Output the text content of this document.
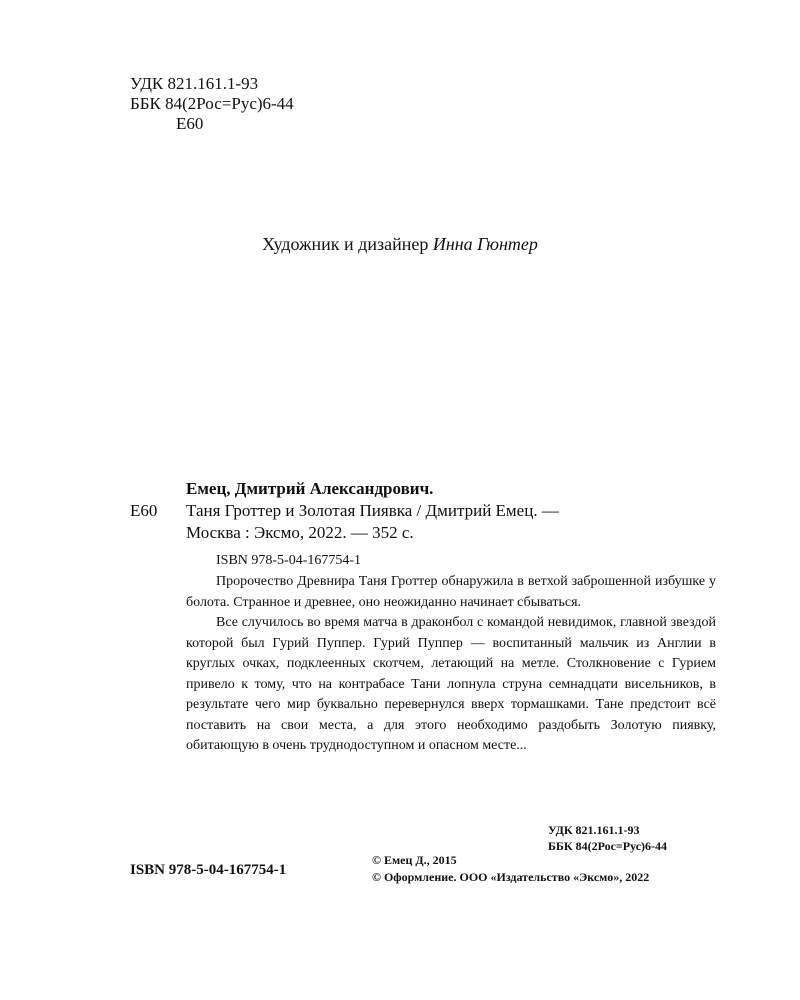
УДК 821.161.1-93
ББК 84(2Рос=Рус)6-44
Е60
Художник и дизайнер Инна Гюнтер
Емец, Дмитрий Александрович.
Е60	Таня Гроттер и Золотая Пиявка / Дмитрий Емец. —
Москва : Эксмо, 2022. — 352 с.
ISBN 978-5-04-167754-1

Пророчество Древнира Таня Гроттер обнаружила в ветхой заброшенной избушке у болота. Странное и древнее, оно неожиданно начинает сбываться.

Все случилось во время матча в драконбол с командой невидимок, главной звездой которой был Гурий Пуппер. Гурий Пуппер — воспитанный мальчик из Англии в круглых очках, подклеенных скотчем, летающий на метле. Столкновение с Гурием привело к тому, что на контрабасе Тани лопнула струна семнадцати висельников, в результате чего мир буквально перевернулся вверх тормашками. Тане предстоит всё поставить на свои места, а для этого необходимо раздобыть Золотую пиявку, обитающую в очень труднодоступном и опасном месте...

УДК 821.161.1-93
ББК 84(2Рос=Рус)6-44
ISBN 978-5-04-167754-1
© Емец Д., 2015
© Оформление. ООО «Издательство «Эксмо», 2022
